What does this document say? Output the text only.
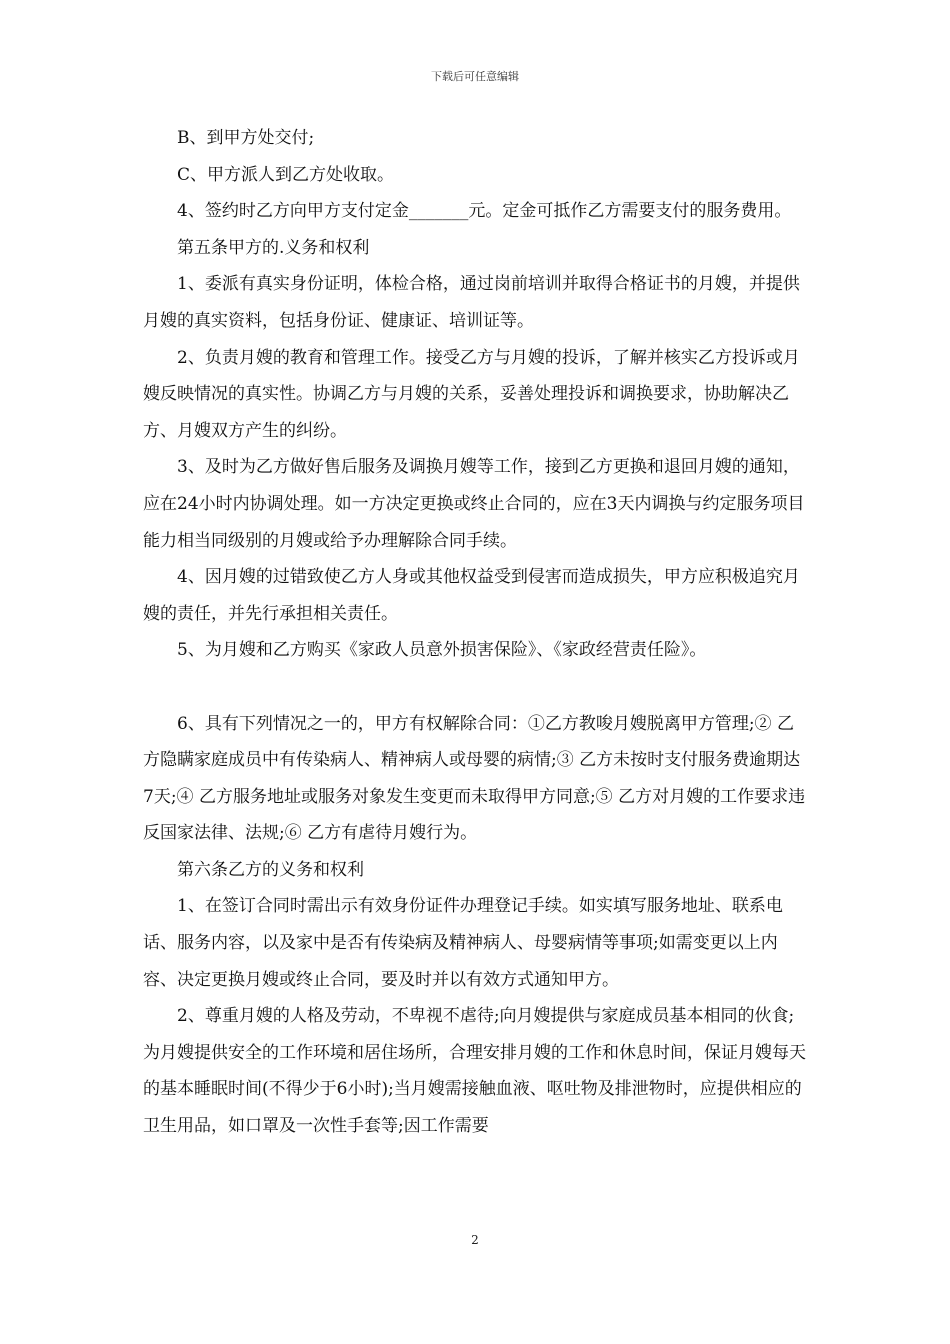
下载后可任意编辑

B、到甲方处交付;

C、甲方派人到乙方处收取。

4、签约时乙方向甲方支付定金_______元。定金可抵作乙方需要支付的服务费用。

第五条甲方的.义务和权利

1、委派有真实身份证明，体检合格，通过岗前培训并取得合格证书的月嫂，并提供月嫂的真实资料，包括身份证、健康证、培训证等。

2、负责月嫂的教育和管理工作。接受乙方与月嫂的投诉，了解并核实乙方投诉或月嫂反映情况的真实性。协调乙方与月嫂的关系，妥善处理投诉和调换要求，协助解决乙方、月嫂双方产生的纠纷。

3、及时为乙方做好售后服务及调换月嫂等工作，接到乙方更换和退回月嫂的通知，应在24小时内协调处理。如一方决定更换或终止合同的，应在3天内调换与约定服务项目能力相当同级别的月嫂或给予办理解除合同手续。

4、因月嫂的过错致使乙方人身或其他权益受到侵害而造成损失，甲方应积极追究月嫂的责任，并先行承担相关责任。

5、为月嫂和乙方购买《家政人员意外损害保险》、《家政经营责任险》。

6、具有下列情况之一的，甲方有权解除合同：①乙方教唆月嫂脱离甲方管理;② 乙方隐瞒家庭成员中有传染病人、精神病人或母婴的病情;③ 乙方未按时支付服务费逾期达7天;④ 乙方服务地址或服务对象发生变更而未取得甲方同意;⑤ 乙方对月嫂的工作要求违反国家法律、法规;⑥ 乙方有虐待月嫂行为。

第六条乙方的义务和权利

1、在签订合同时需出示有效身份证件办理登记手续。如实填写服务地址、联系电话、服务内容，以及家中是否有传染病及精神病人、母婴病情等事项;如需变更以上内容、决定更换月嫂或终止合同，要及时并以有效方式通知甲方。

2、尊重月嫂的人格及劳动，不卑视不虐待;向月嫂提供与家庭成员基本相同的伙食;为月嫂提供安全的工作环境和居住场所，合理安排月嫂的工作和休息时间，保证月嫂每天的基本睡眠时间(不得少于6小时);当月嫂需接触血液、呕吐物及排泄物时，应提供相应的卫生用品，如口罩及一次性手套等;因工作需要

2
